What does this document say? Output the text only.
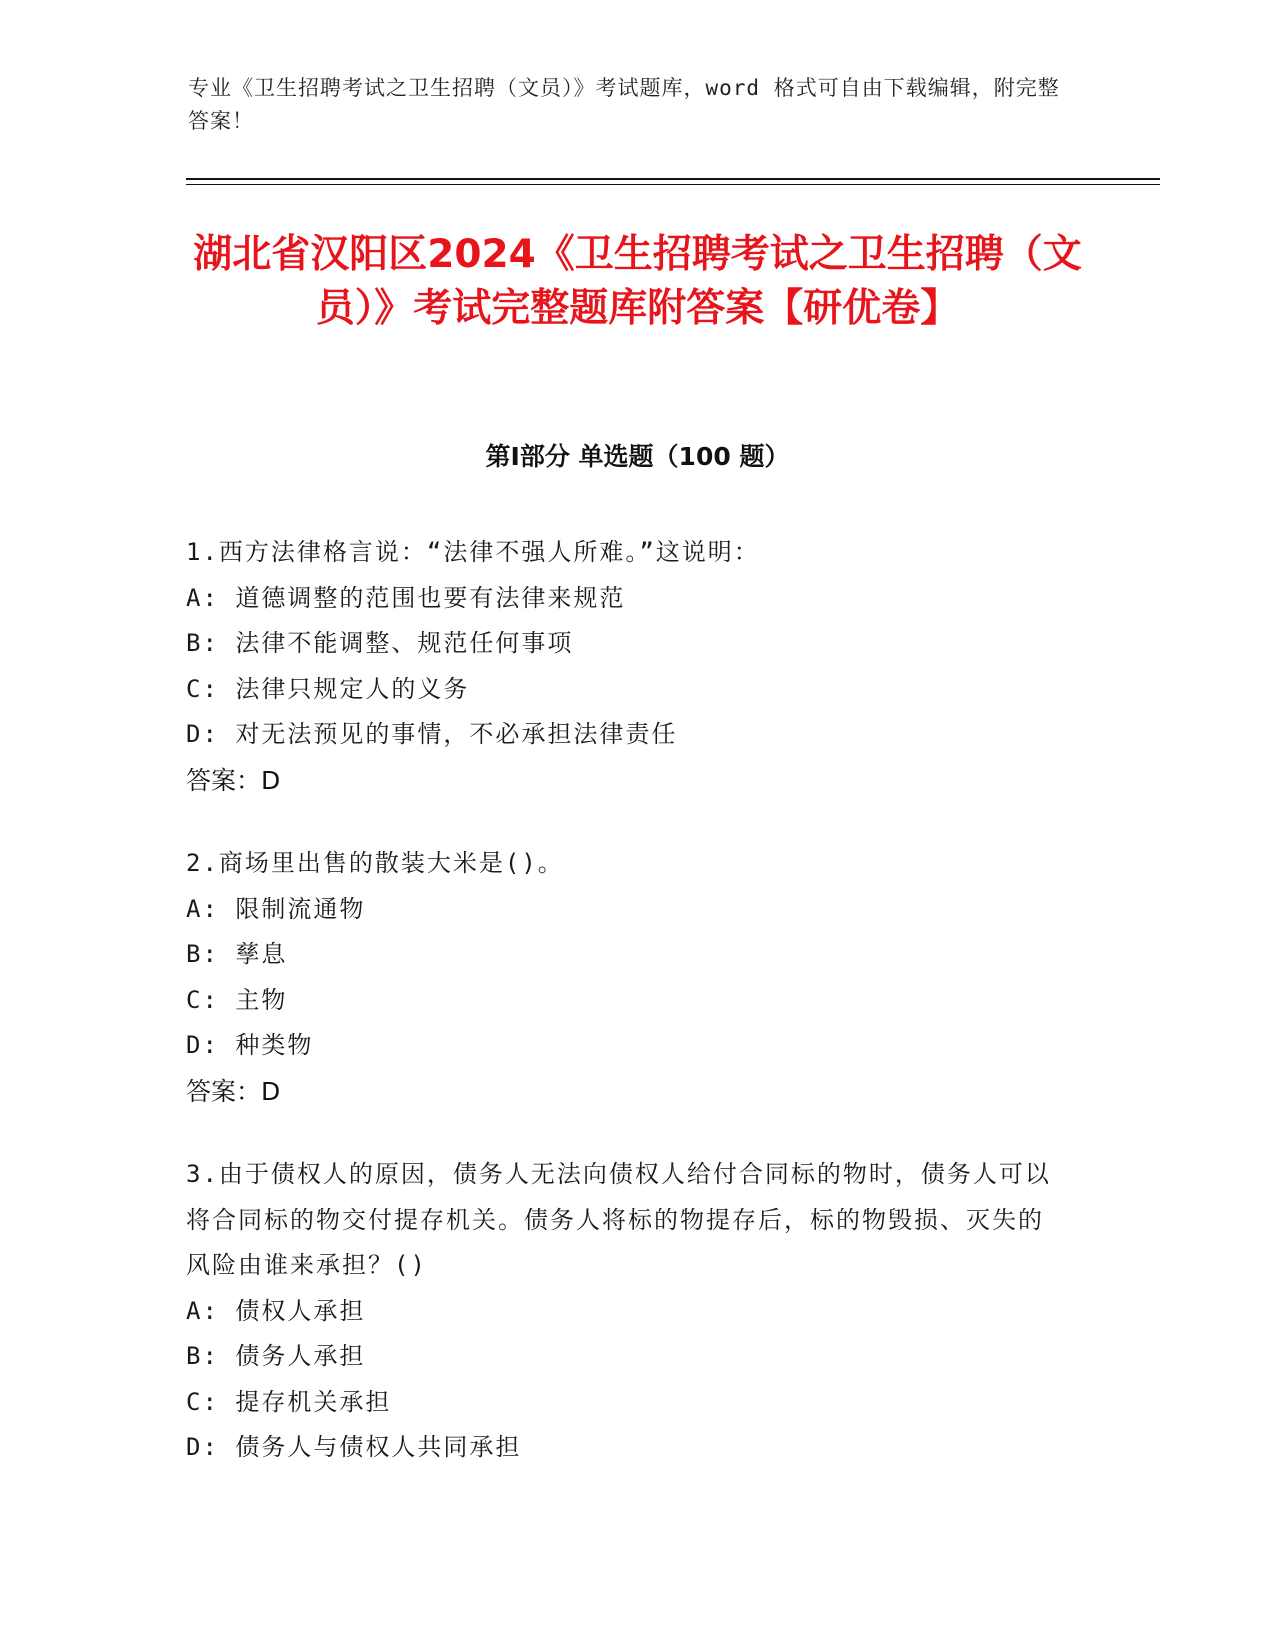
专业《卫生招聘考试之卫生招聘（文员）》考试题库，word 格式可自由下载编辑，附完整答案！
湖北省汉阳区2024《卫生招聘考试之卫生招聘（文员）》考试完整题库附答案【研优卷】
第Ⅰ部分 单选题（100 题）
1.西方法律格言说：“法律不强人所难。”这说明：
A: 道德调整的范围也要有法律来规范
B: 法律不能调整、规范任何事项
C: 法律只规定人的义务
D: 对无法预见的事情，不必承担法律责任
答案：D
2.商场里出售的散装大米是()。
A: 限制流通物
B: 孳息
C: 主物
D: 种类物
答案：D
3.由于债权人的原因，债务人无法向债权人给付合同标的物时，债务人可以将合同标的物交付提存机关。债务人将标的物提存后，标的物毁损、灭失的风险由谁来承担？()
A: 债权人承担
B: 债务人承担
C: 提存机关承担
D: 债务人与债权人共同承担
